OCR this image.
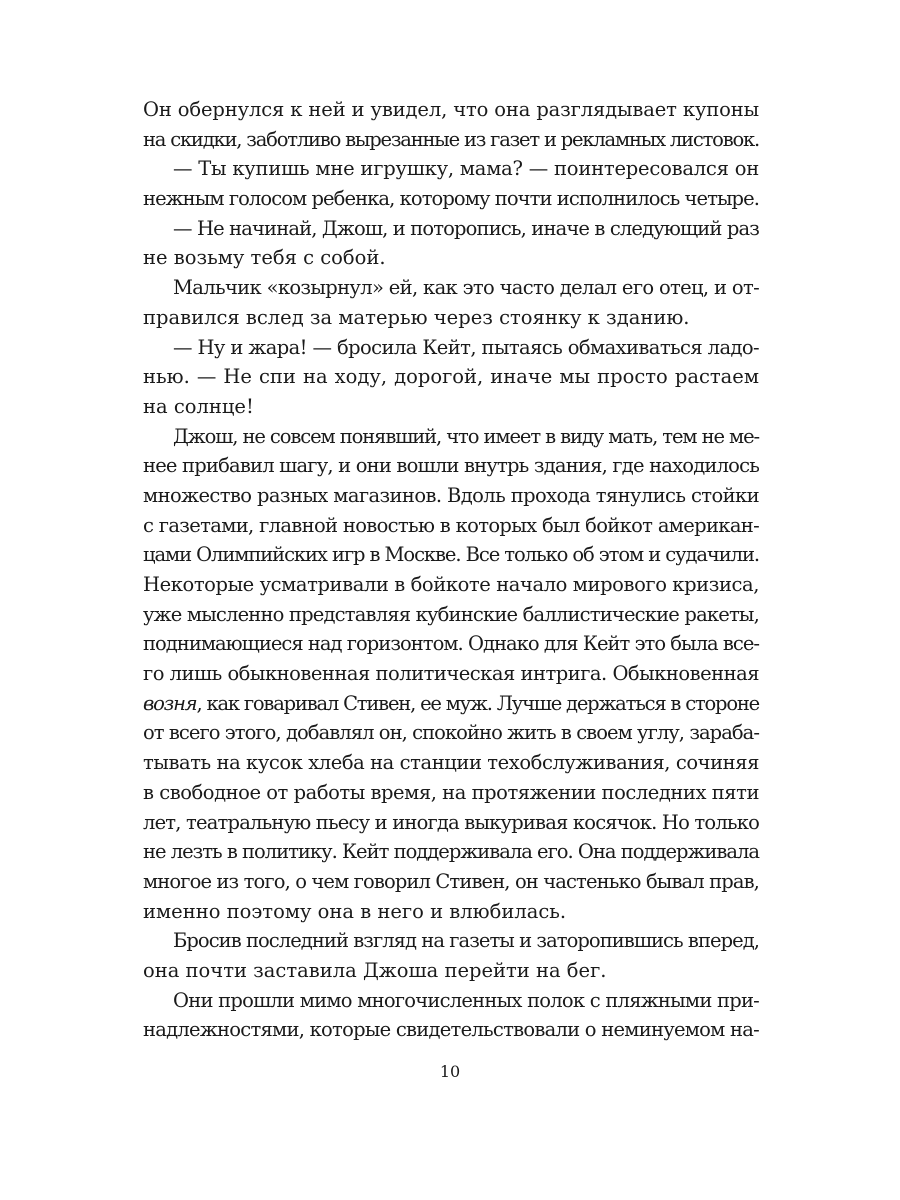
Он обернулся к ней и увидел, что она разглядывает купоны
на скидки, заботливо вырезанные из газет и рекламных листовок.
— Ты купишь мне игрушку, мама? — поинтересовался он
нежным голосом ребенка, которому почти исполнилось четыре.
— Не начинай, Джош, и поторопись, иначе в следующий раз
не возьму тебя с собой.
Мальчик «козырнул» ей, как это часто делал его отец, и от-
правился вслед за матерью через стоянку к зданию.
— Ну и жара! — бросила Кейт, пытаясь обмахиваться ладо-
нью. — Не спи на ходу, дорогой, иначе мы просто растаем
на солнце!
Джош, не совсем понявший, что имеет в виду мать, тем не ме-
нее прибавил шагу, и они вошли внутрь здания, где находилось
множество разных магазинов. Вдоль прохода тянулись стойки
с газетами, главной новостью в которых был бойкот американ-
цами Олимпийских игр в Москве. Все только об этом и судачили.
Некоторые усматривали в бойкоте начало мирового кризиса,
уже мысленно представляя кубинские баллистические ракеты,
поднимающиеся над горизонтом. Однако для Кейт это была все-
го лишь обыкновенная политическая интрига. Обыкновенная
возня, как говаривал Стивен, ее муж. Лучше держаться в стороне
от всего этого, добавлял он, спокойно жить в своем углу, зараба-
тывать на кусок хлеба на станции техобслуживания, сочиняя
в свободное от работы время, на протяжении последних пяти
лет, театральную пьесу и иногда выкуривая косячок. Но только
не лезть в политику. Кейт поддерживала его. Она поддерживала
многое из того, о чем говорил Стивен, он частенько бывал прав,
именно поэтому она в него и влюбилась.
Бросив последний взгляд на газеты и заторопившись вперед,
она почти заставила Джоша перейти на бег.
Они прошли мимо многочисленных полок с пляжными при-
надлежностями, которые свидетельствовали о неминуемом на-
10
